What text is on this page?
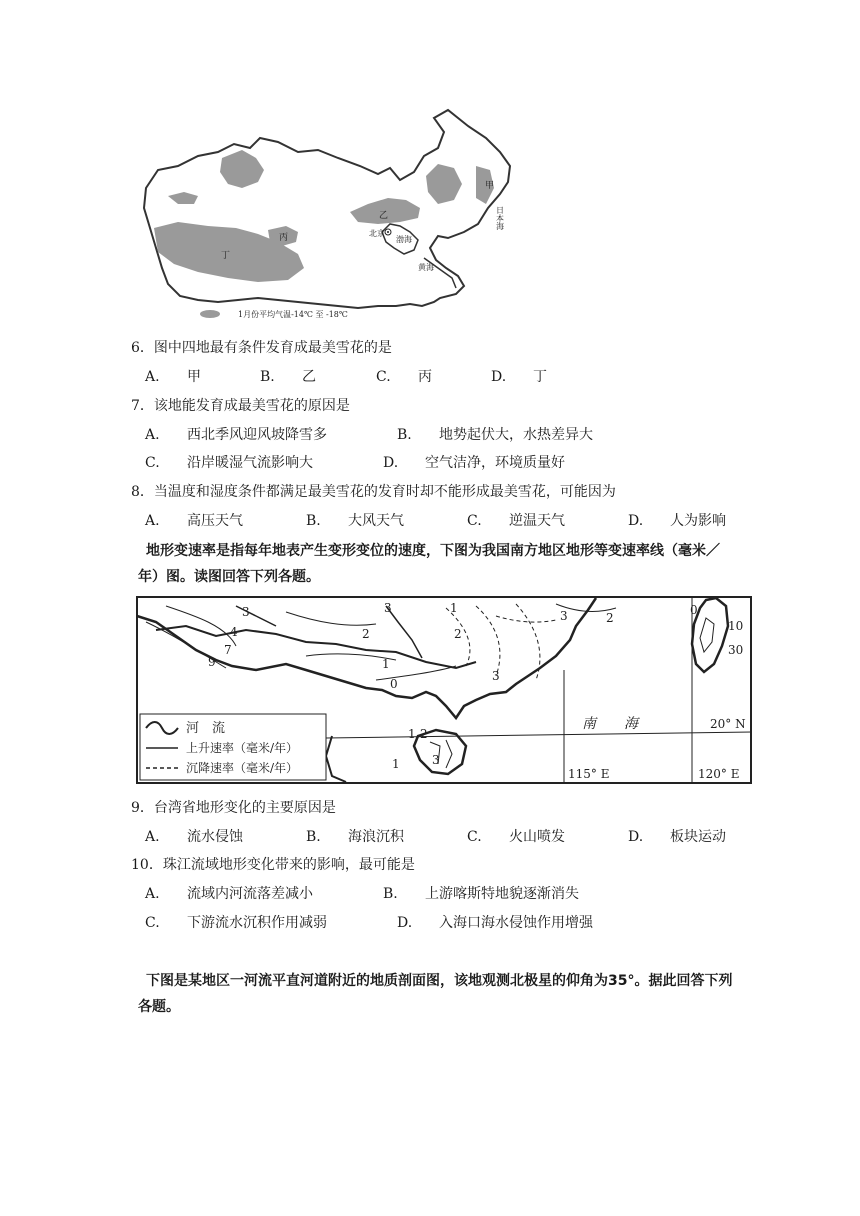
甲
乙
丙
丁
北京
渤海
黄海
日本海
1月份平均气温-14℃ 至 -18℃
6．图中四地最有条件发育成最美雪花的是
A. 甲	B. 乙	C. 丙	D. 丁
7．该地能发育成最美雪花的原因是
A. 西北季风迎风坡降雪多	B. 地势起伏大，水热差异大
C. 沿岸暖湿气流影响大	D. 空气洁净，环境质量好
8．当温度和湿度条件都满足最美雪花的发育时却不能形成最美雪花，可能因为
A. 高压天气	B. 大风天气	C. 逆温天气	D. 人为影响
地形变速率是指每年地表产生变形变位的速度，下图为我国南方地区地形等变速率线（毫米／年）图。读图回答下列各题。
河　流
上升速率（毫米/年）
沉降速率（毫米/年）
南　　海
115° E	120° E
20° N
3
4
7
9
2
3
1
1
2
0
3
3	2
0
10
30
1 2
1	3
9．台湾省地形变化的主要原因是
A. 流水侵蚀	B. 海浪沉积	C. 火山喷发	D. 板块运动
10．珠江流域地形变化带来的影响，最可能是
A. 流域内河流落差减小	B. 上游喀斯特地貌逐渐消失
C. 下游流水沉积作用减弱	D. 入海口海水侵蚀作用增强
下图是某地区一河流平直河道附近的地质剖面图，该地观测北极星的仰角为35°。据此回答下列各题。
